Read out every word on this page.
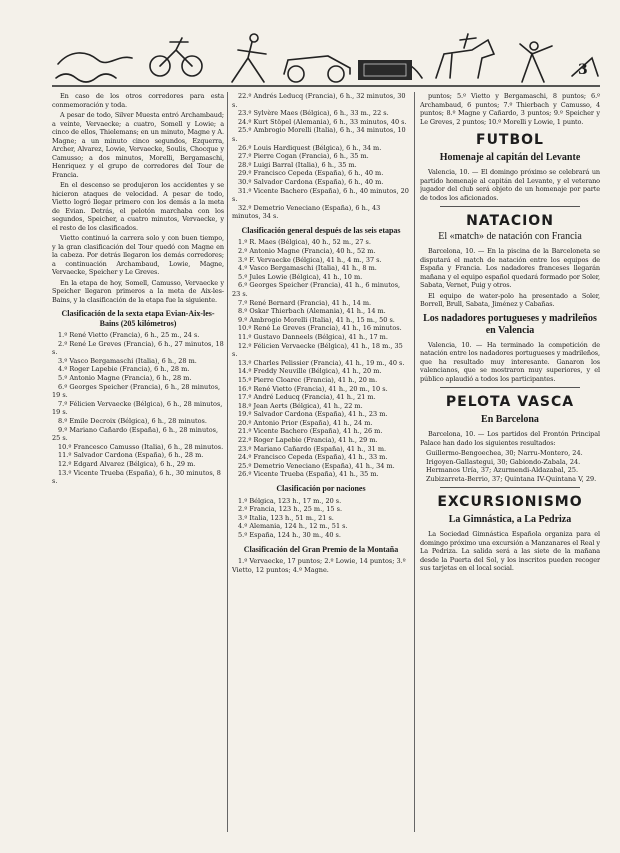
3

En caso de los otros corredores para esta conmemoración y toda.

A pesar de todo, Silver Muesta entró Archambaud; a veinte, Vervaecke; a cuatro, Somell y Lowie; a cinco de ellos, Thielemans; en un minuto, Magne y A. Magne; a un minuto cinco segundos, Ezquerra, Archer, Alvarez, Lowie, Vervaecke, Soulis, Chocque y Camusso; a dos minutos, Morelli, Bergamaschi, Henriquez y el grupo de corredores del Tour de Francia.

En el descenso se produjeron los accidentes y se hicieron ataques de velocidad. A pesar de todo, Vietto logró llegar primero con los demás a la meta de Evian. Detrás, el pelotón marchaba con los segundos, Speicher, a cuatro minutos, Vervaecke, y el resto de los clasificados.

Vietto continuó la carrera solo y con buen tiempo, y la gran clasificación del Tour quedó con Magne en la cabeza. Por detrás llegaron los demás corredores; a continuación Archambaud, Lowie, Magne, Vervaecke, Speicher y Le Greves.

En la etapa de hoy, Somell, Camusso, Vervaecke y Speicher llegaron primeros a la meta de Aix-les-Bains, y la clasificación de la etapa fue la siguiente.

Clasificación de la sexta etapa Evian-Aix-les-Bains (205 kilómetros)

1.º René Vietto (Francia), 6 h., 25 m., 24 s.

2.º René Le Greves (Francia), 6 h., 27 minutos, 18 s.

3.º Vasco Bergamaschi (Italia), 6 h., 28 m.

4.º Roger Lapebie (Francia), 6 h., 28 m.

5.º Antonio Magne (Francia), 6 h., 28 m.

6.º Georges Speicher (Francia), 6 h., 28 minutos, 19 s.

7.º Félicien Vervaecke (Bélgica), 6 h., 28 minutos, 19 s.

8.º Emile Decroix (Bélgica), 6 h., 28 minutos.

9.º Mariano Cañardo (España), 6 h., 28 minutos, 25 s.

10.º Francesco Camusso (Italia), 6 h., 28 minutos.

11.º Salvador Cardona (España), 6 h., 28 m.

12.º Edgard Alvarez (Bélgica), 6 h., 29 m.

13.º Vicente Trueba (España), 6 h., 30 minutos, 8 s.

22.º Andrés Leducq (Francia), 6 h., 32 minutos, 30 s.

23.º Sylvère Maes (Bélgica), 6 h., 33 m., 22 s.

24.º Kurt Stöpel (Alemania), 6 h., 33 minutos, 40 s.

25.º Ambrogio Morelli (Italia), 6 h., 34 minutos, 10 s.

26.º Louis Hardiquest (Bélgica), 6 h., 34 m.

27.º Pierre Cogan (Francia), 6 h., 35 m.

28.º Luigi Barral (Italia), 6 h., 35 m.

29.º Francisco Cepeda (España), 6 h., 40 m.

30.º Salvador Cardona (España), 6 h., 40 m.

31.º Vicente Bachero (España), 6 h., 40 minutos, 20 s.

32.º Demetrio Veneciano (España), 6 h., 43 minutos, 34 s.

Clasificación general después de las seis etapas

1.º R. Maes (Bélgica), 40 h., 52 m., 27 s.

2.º Antonio Magne (Francia), 40 h., 52 m.

3.º F. Vervaecke (Bélgica), 41 h., 4 m., 37 s.

4.º Vasco Bergamaschi (Italia), 41 h., 8 m.

5.º Jules Lowie (Bélgica), 41 h., 10 m.

6.º Georges Speicher (Francia), 41 h., 6 minutos, 23 s.

7.º René Bernard (Francia), 41 h., 14 m.

8.º Oskar Thierbach (Alemania), 41 h., 14 m.

9.º Ambrogio Morelli (Italia), 41 h., 15 m., 50 s.

10.º René Le Greves (Francia), 41 h., 16 minutos.

11.º Gustavo Danneels (Bélgica), 41 h., 17 m.

12.º Félicien Vervaecke (Bélgica), 41 h., 18 m., 35 s.

13.º Charles Pelissier (Francia), 41 h., 19 m., 40 s.

14.º Freddy Neuville (Bélgica), 41 h., 20 m.

15.º Pierre Cloarec (Francia), 41 h., 20 m.

16.º René Vietto (Francia), 41 h., 20 m., 10 s.

17.º André Leducq (Francia), 41 h., 21 m.

18.º Jean Aerts (Bélgica), 41 h., 22 m.

19.º Salvador Cardona (España), 41 h., 23 m.

20.º Antonio Prior (España), 41 h., 24 m.

21.º Vicente Bachero (España), 41 h., 26 m.

22.º Roger Lapebie (Francia), 41 h., 29 m.

23.º Mariano Cañardo (España), 41 h., 31 m.

24.º Francisco Cepeda (España), 41 h., 33 m.

25.º Demetrio Veneciano (España), 41 h., 34 m.

26.º Vicente Trueba (España), 41 h., 35 m.

Clasificación por naciones

1.º Bélgica, 123 h., 17 m., 20 s.

2.º Francia, 123 h., 25 m., 15 s.

3.º Italia, 123 h., 51 m., 21 s.

4.º Alemania, 124 h., 12 m., 51 s.

5.º España, 124 h., 30 m., 40 s.

Clasificación del Gran Premio de la Montaña

1.º Vervaecke, 17 puntos; 2.º Lowie, 14 puntos; 3.º Vietto, 12 puntos; 4.º Magne.

puntos; 5.º Vietto y Bergamaschi, 8 puntos; 6.º Archambaud, 6 puntos; 7.º Thierbach y Camusso, 4 puntos; 8.º Magne y Cañardo, 3 puntos; 9.º Speicher y Le Greves, 2 puntos; 10.º Morelli y Lowie, 1 punto.

FUTBOL
Homenaje al capitán del Levante

Valencia, 10. — El domingo próximo se celebrará un partido homenaje al capitán del Levante, y el veterano jugador del club será objeto de un homenaje por parte de todos los aficionados.

NATACION
El «match» de natación con Francia

Barcelona, 10. — En la piscina de la Barceloneta se disputará el match de natación entre los equipos de España y Francia. Los nadadores franceses llegarán mañana y el equipo español quedará formado por Soler, Sabata, Vernet, Puig y otros.

El equipo de water-polo ha presentado a Soler, Borrell, Brull, Sabata, Jiménez y Cabañas.

Los nadadores portugueses y madrileños en Valencia

Valencia, 10. — Ha terminado la competición de natación entre los nadadores portugueses y madrileños, que ha resultado muy interesante. Ganaron los valencianos, que se mostraron muy superiores, y el público aplaudió a todos los participantes.

PELOTA VASCA
En Barcelona

Barcelona, 10. — Los partidos del Frontón Principal Palace han dado los siguientes resultados:

Guillermo-Bengoechea, 30; Narru-Montero, 24.

Irigoyen-Gallastegui, 30; Gabiondo-Zabala, 24.

Hermanos Uría, 37; Azurmendi-Aldazabal, 25.

Zubizarreta-Berrio, 37; Quintana IV-Quintana V, 29.

EXCURSIONISMO
La Gimnástica, a La Pedriza

La Sociedad Gimnástica Española organiza para el domingo próximo una excursión a Manzanares el Real y La Pedriza. La salida será a las siete de la mañana desde la Puerta del Sol, y los inscritos pueden recoger sus tarjetas en el local social.
